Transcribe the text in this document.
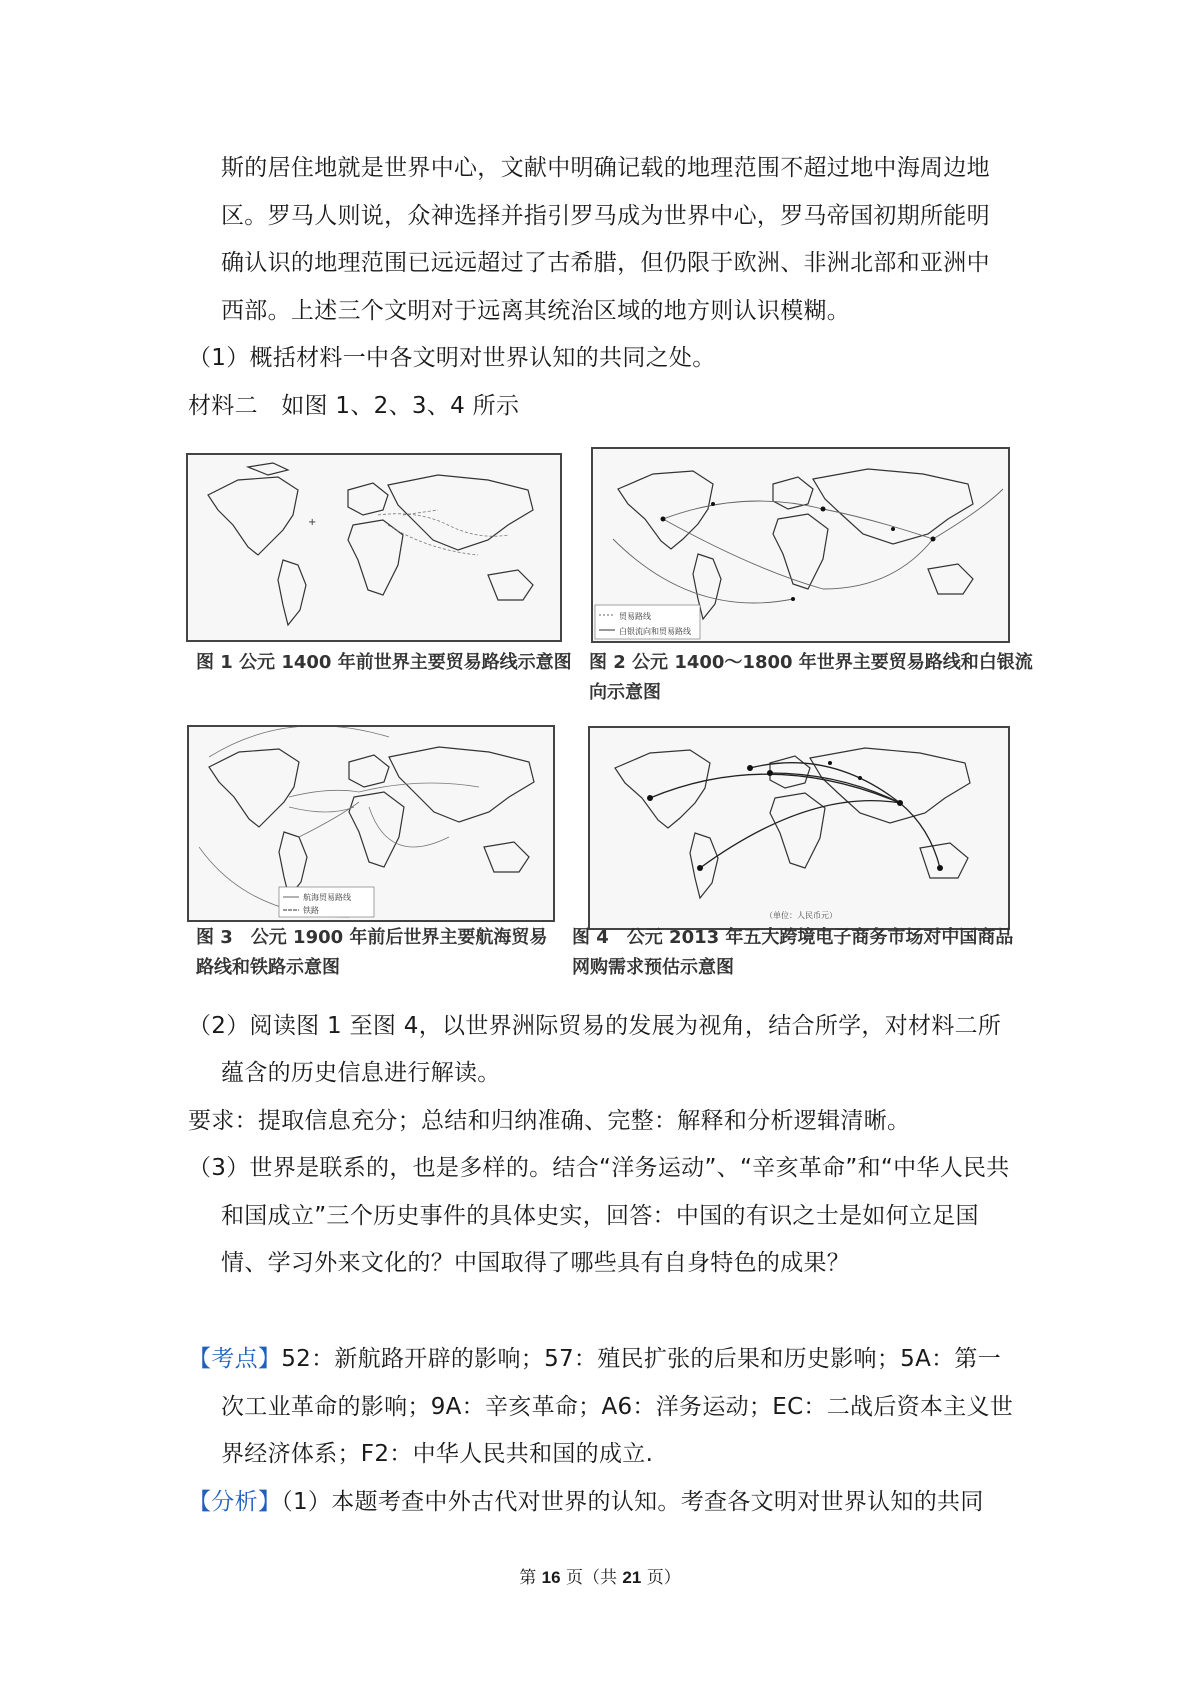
斯的居住地就是世界中心，文献中明确记载的地理范围不超过地中海周边地
区。罗马人则说，众神选择并指引罗马成为世界中心，罗马帝国初期所能明
确认识的地理范围已远远超过了古希腊，但仍限于欧洲、非洲北部和亚洲中
西部。上述三个文明对于远离其统治区域的地方则认识模糊。
（1）概括材料一中各文明对世界认知的共同之处。
材料二　如图 1、2、3、4 所示
+
贸易路线
白银流向和贸易路线
图 1 公元 1400 年前世界主要贸易路线示意图 图 2 公元 1400～1800 年世界主要贸易路线和白银流
向示意图
航海贸易路线
铁路
（单位：人民币元）
图 3　公元 1900 年前后世界主要航海贸易
路线和铁路示意图
图 4　公元 2013 年五大跨境电子商务市场对中国商品
网购需求预估示意图
（2）阅读图 1 至图 4，以世界洲际贸易的发展为视角，结合所学，对材料二所
蕴含的历史信息进行解读。
要求：提取信息充分；总结和归纳准确、完整：解释和分析逻辑清晰。
（3）世界是联系的，也是多样的。结合“洋务运动”、“辛亥革命”和“中华人民共
和国成立”三个历史事件的具体史实，回答：中国的有识之士是如何立足国
情、学习外来文化的？中国取得了哪些具有自身特色的成果？
【考点】52：新航路开辟的影响；57：殖民扩张的后果和历史影响；5A：第一
次工业革命的影响；9A：辛亥革命；A6：洋务运动；EC：二战后资本主义世
界经济体系；F2：中华人民共和国的成立.
【分析】（1）本题考查中外古代对世界的认知。考查各文明对世界认知的共同
第 16 页（共 21 页）
